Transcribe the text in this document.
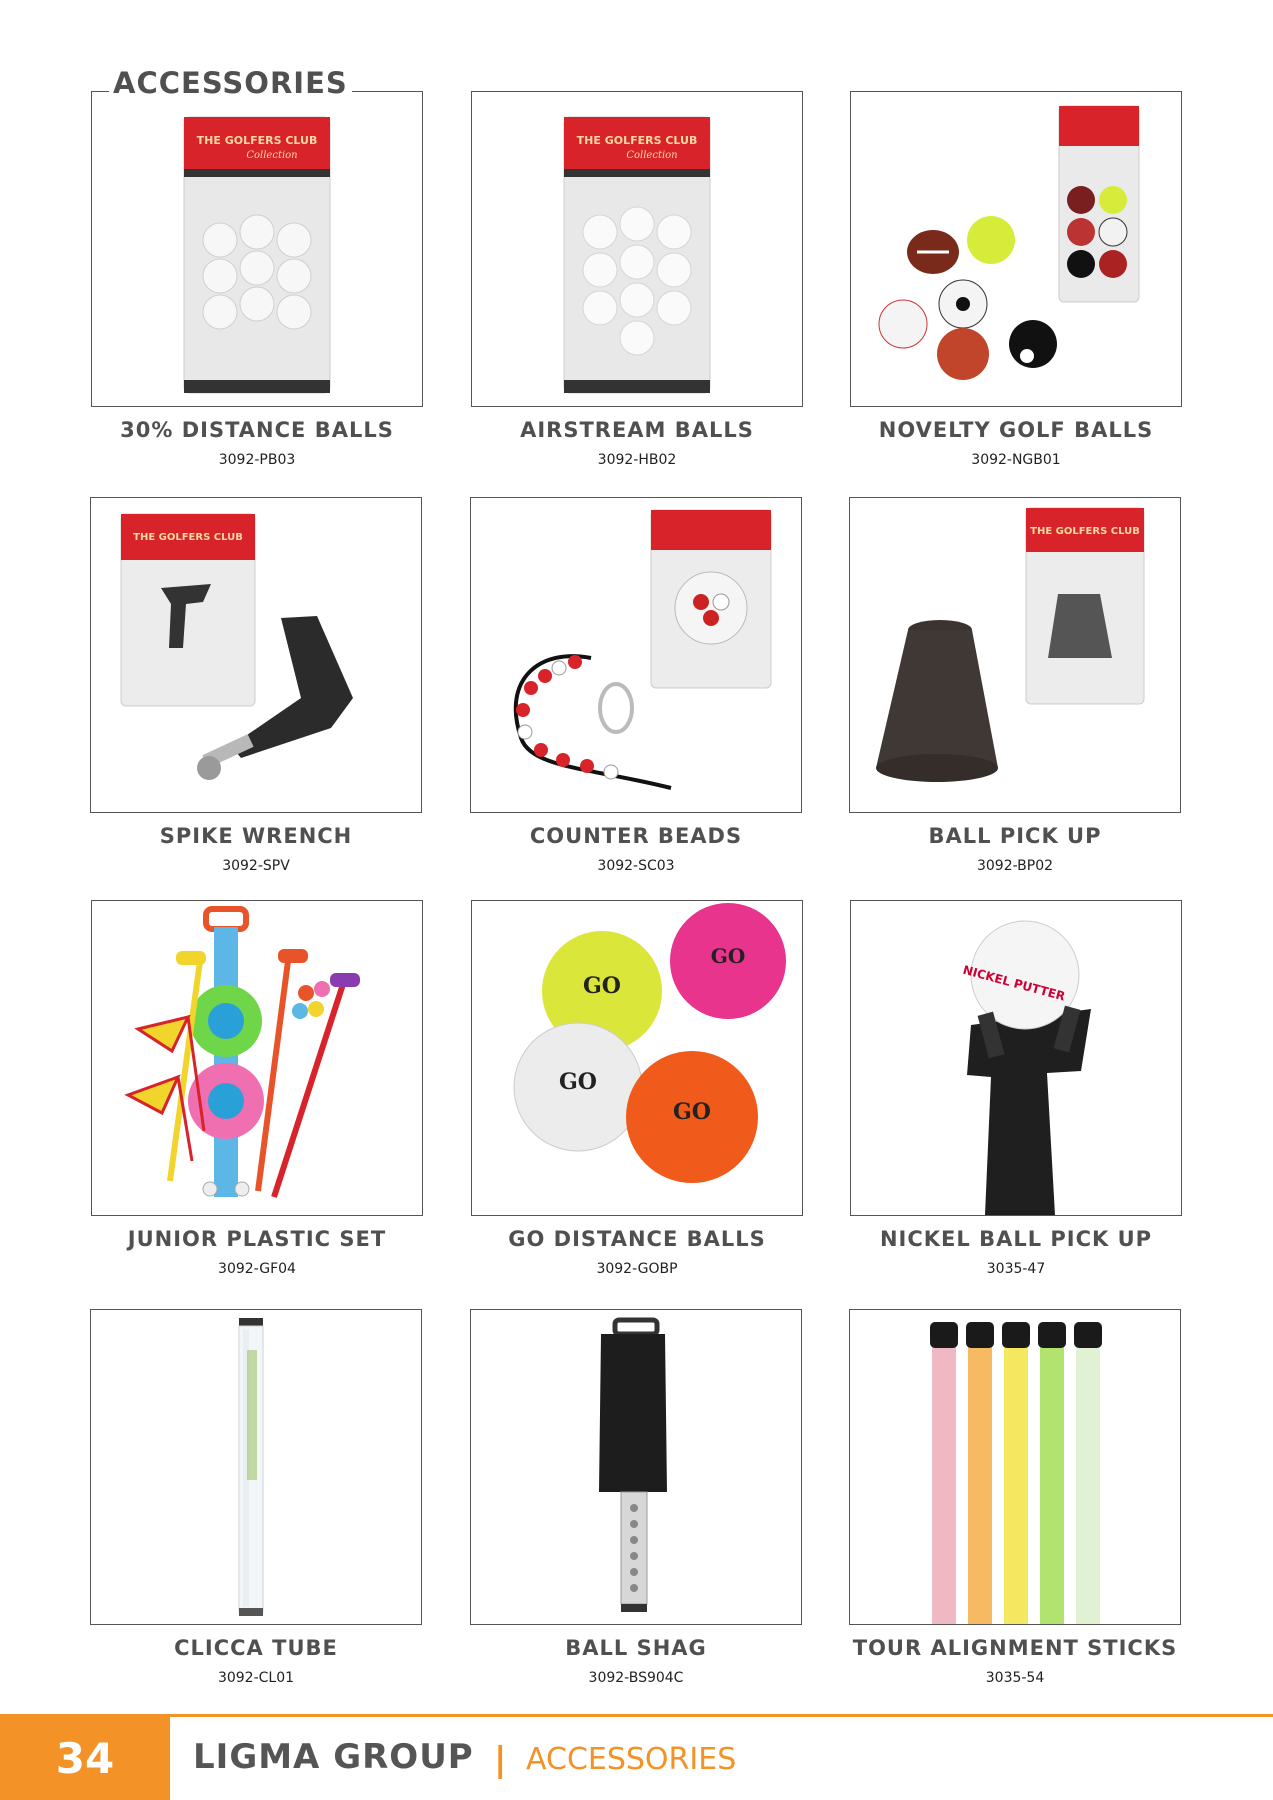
ACCESSORIES
THE GOLFERS CLUB
Collection
30% DISTANCE BALLS
3092-PB03
THE GOLFERS CLUB
Collection
AIRSTREAM BALLS
3092-HB02
NOVELTY GOLF BALLS
3092-NGB01
THE GOLFERS CLUB
SPIKE WRENCH
3092-SPV
COUNTER BEADS
3092-SC03
THE GOLFERS CLUB
BALL PICK UP
3092-BP02
JUNIOR PLASTIC SET
3092-GF04
GO
GO
GO
GO
GO DISTANCE BALLS
3092-GOBP
NICKEL PUTTER
NICKEL BALL PICK UP
3035-47
CLICCA TUBE
3092-CL01
BALL SHAG
3092-BS904C
TOUR ALIGNMENT STICKS
3035-54
34	LIGMA GROUP | ACCESSORIES
